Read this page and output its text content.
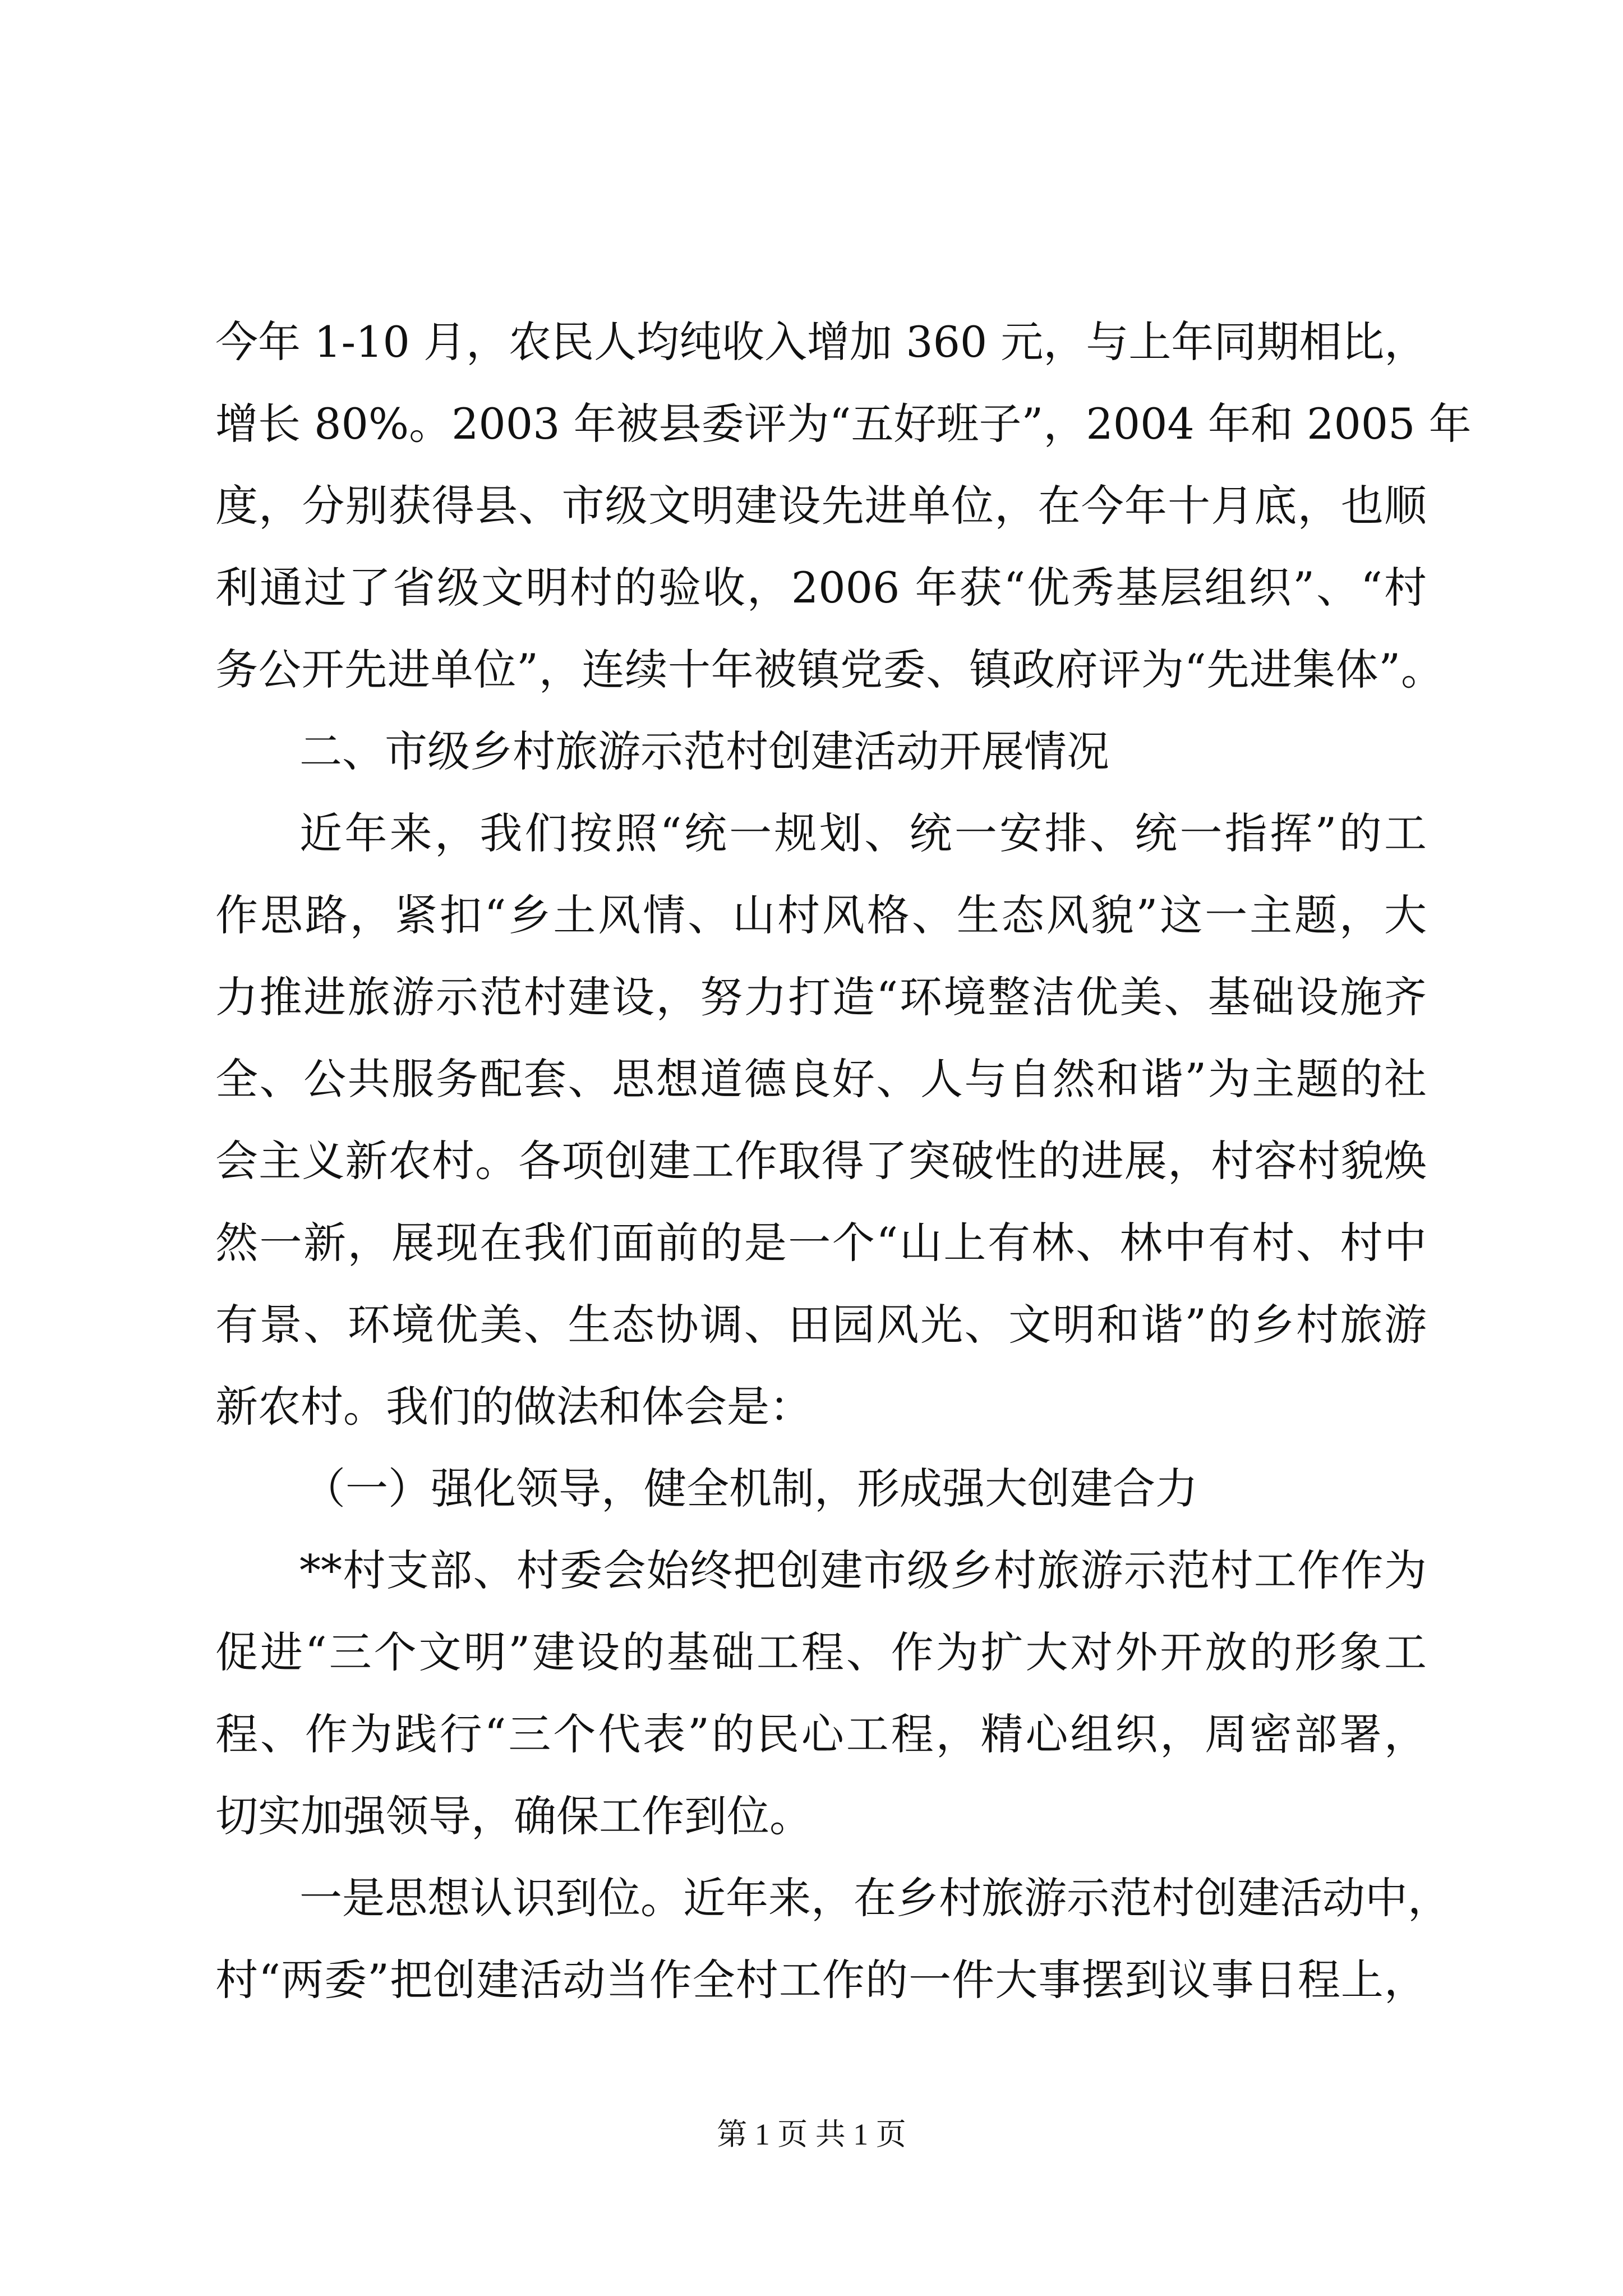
今年 1-10 月，农民人均纯收入增加 360 元，与上年同期相比，
增长 80%。2003 年被县委评为“五好班子”，2004 年和 2005 年
度，分别获得县、市级文明建设先进单位，在今年十月底，也顺
利通过了省级文明村的验收，2006 年获“优秀基层组织”、“村
务公开先进单位”，连续十年被镇党委、镇政府评为“先进集体”。
二、市级乡村旅游示范村创建活动开展情况
近年来，我们按照“统一规划、统一安排、统一指挥”的工
作思路，紧扣“乡土风情、山村风格、生态风貌”这一主题，大
力推进旅游示范村建设，努力打造“环境整洁优美、基础设施齐
全、公共服务配套、思想道德良好、人与自然和谐”为主题的社
会主义新农村。各项创建工作取得了突破性的进展，村容村貌焕
然一新，展现在我们面前的是一个“山上有林、林中有村、村中
有景、环境优美、生态协调、田园风光、文明和谐”的乡村旅游
新农村。我们的做法和体会是：
（一）强化领导，健全机制，形成强大创建合力
**村支部、村委会始终把创建市级乡村旅游示范村工作作为
促进“三个文明”建设的基础工程、作为扩大对外开放的形象工
程、作为践行“三个代表”的民心工程，精心组织，周密部署，
切实加强领导，确保工作到位。
一是思想认识到位。近年来，在乡村旅游示范村创建活动中，
村“两委”把创建活动当作全村工作的一件大事摆到议事日程上，
第 1 页 共 1 页
